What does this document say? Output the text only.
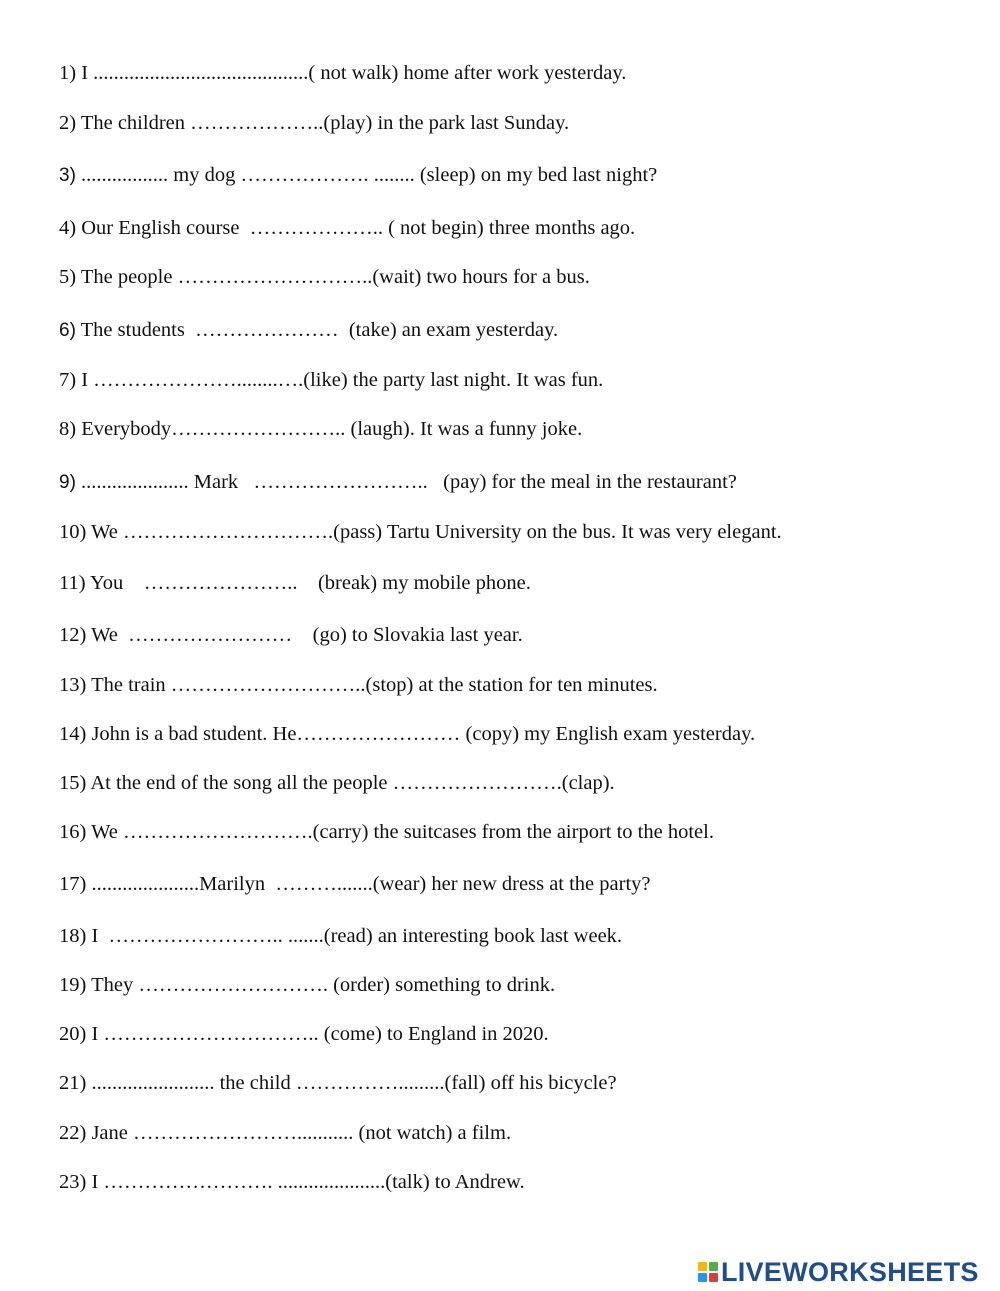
1) I ..........................................( not walk) home after work yesterday.
2) The children ………………..(play) in the park last Sunday.
3) ................. my dog ………………. ........ (sleep) on my bed last night?
4) Our English course  ……………….. ( not begin) three months ago.
5) The people ………………………..(wait) two hours for a bus.
6) The students  …………………  (take) an exam yesterday.
7) I …………………........….(like) the party last night. It was fun.
8) Everybody…………………….. (laugh). It was a funny joke.
9) ..................... Mark   ……………………..   (pay) for the meal in the restaurant?
10) We ………………………….(pass) Tartu University on the bus. It was very elegant.
11) You    …………………..    (break) my mobile phone.
12) We  ……………………    (go) to Slovakia last year.
13) The train ………………………..(stop) at the station for ten minutes.
14) John is a bad student. He…………………… (copy) my English exam yesterday.
15) At the end of the song all the people …………………….(clap).
16) We ……………………….(carry) the suitcases from the airport to the hotel.
17) .....................Marilyn  ……….......(wear) her new dress at the party?
18) I  …………………….. .......(read) an interesting book last week.
19) They ………………………. (order) something to drink.
20) I ………………………….. (come) to England in 2020.
21) ........................ the child …………….........(fall) off his bicycle?
22) Jane ……………………........... (not watch) a film.
23) I ……………………. .....................(talk) to Andrew.
LIVEWORKSHEETS
